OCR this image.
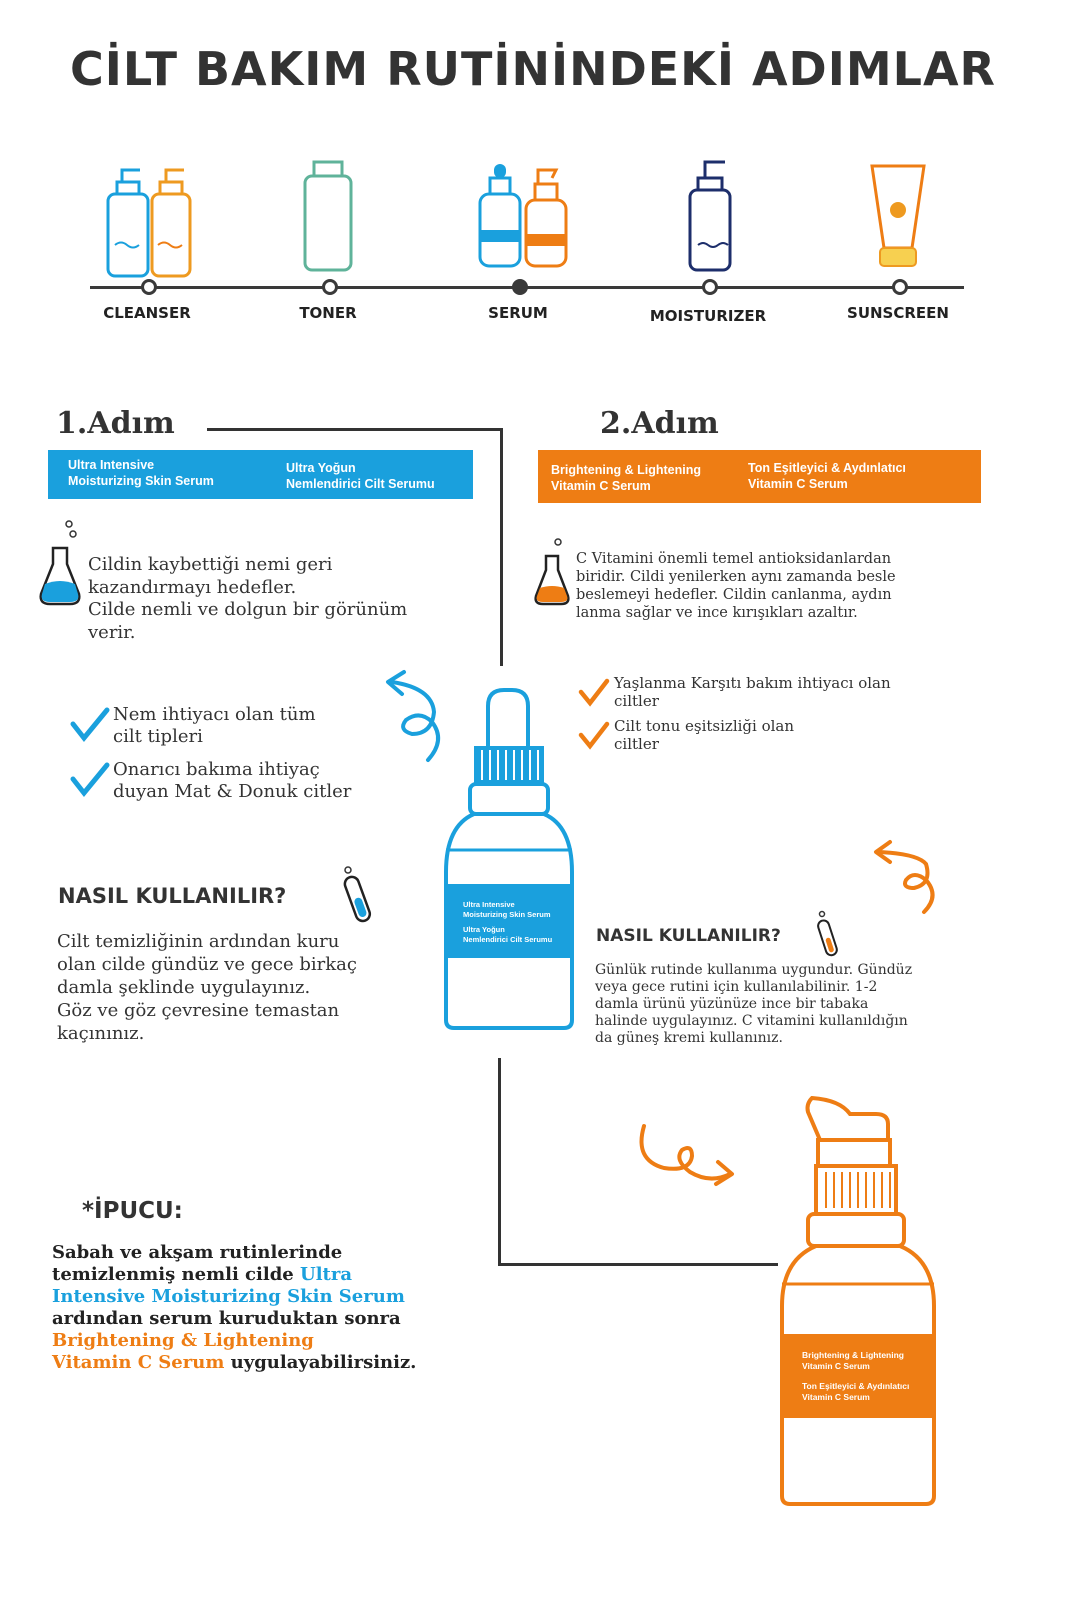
CİLT BAKIM RUTİNİNDEKİ ADIMLAR
CLEANSER	TONER	SERUM	MOISTURIZER	SUNSCREEN
1.Adım
Ultra Intensive
Moisturizing Skin Serum
Ultra Yoğun
Nemlendirici Cilt Serumu
Cildin kaybettiği nemi geri
kazandırmayı hedefler.
Cilde nemli ve dolgun bir görünüm
verir.
Nem ihtiyacı olan tüm
cilt tipleri
Onarıcı bakıma ihtiyaç
duyan Mat & Donuk citler
NASIL KULLANILIR?
Cilt temizliğinin ardından kuru
olan cilde gündüz ve gece birkaç
damla şeklinde uygulayınız.
Göz ve göz çevresine temastan
kaçınınız.
Ultra Intensive
Moisturizing Skin Serum
Ultra Yoğun
Nemlendirici Cilt Serumu
2.Adım
Brightening & Lightening
Vitamin C Serum
Ton Eşitleyici & Aydınlatıcı
Vitamin C Serum
C Vitamini önemli temel antioksidanlardan
biridir. Cildi yenilerken aynı zamanda besle
beslemeyi hedefler. Cildin canlanma, aydın
lanma sağlar ve ince kırışıkları azaltır.
Yaşlanma Karşıtı bakım ihtiyacı olan
ciltler
Cilt tonu eşitsizliği olan
ciltler
NASIL KULLANILIR?
Günlük rutinde kullanıma uygundur. Gündüz
veya gece rutini için kullanılabilinir. 1-2
damla ürünü yüzünüze ince bir tabaka
halinde uygulayınız. C vitamini kullanıldığın
da güneş kremi kullanınız.
Brightening & Lightening
Vitamin C Serum
Ton Eşitleyici & Aydınlatıcı
Vitamin C Serum
*İPUCU:
Sabah ve akşam rutinlerinde
temizlenmiş nemli cilde Ultra
Intensive Moisturizing Skin Serum
ardından serum kuruduktan sonra
Brightening & Lightening
Vitamin C Serum uygulayabilirsiniz.
